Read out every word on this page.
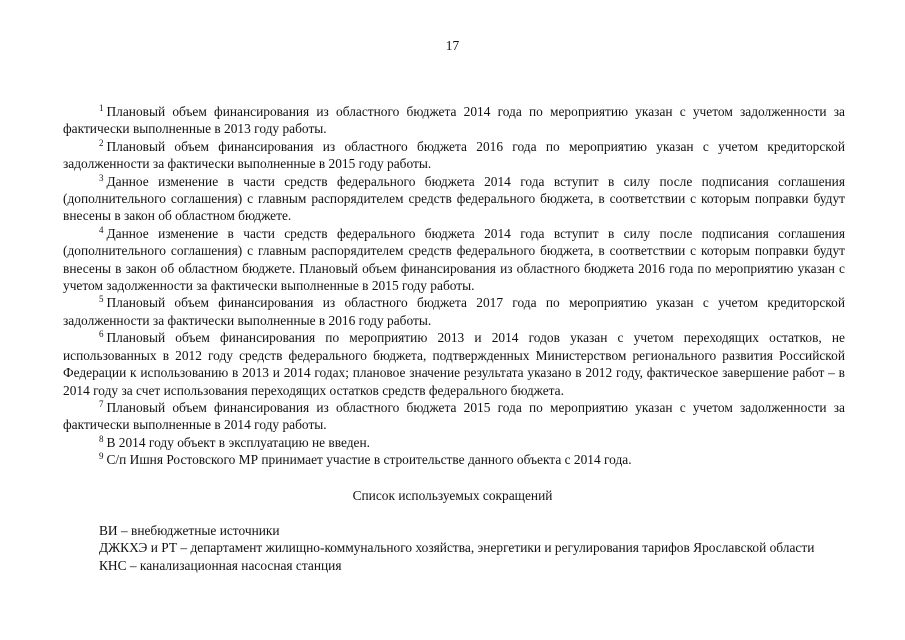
17

$^1$ Плановый объем финансирования из областного бюджета 2014 года по мероприятию указан с учетом задолженности за фактически выполненные в 2013 году работы.

$^2$ Плановый объем финансирования из областного бюджета 2016 года по мероприятию указан с учетом кредиторской задолженности за фактически выполненные в 2015 году работы.

$^3$ Данное изменение в части средств федерального бюджета 2014 года вступит в силу после подписания соглашения (дополнительного соглашения) с главным распорядителем средств федерального бюджета, в соответствии с которым поправки будут внесены в закон об областном бюджете.

$^4$ Данное изменение в части средств федерального бюджета 2014 года вступит в силу после подписания соглашения (дополнительного соглашения) с главным распорядителем средств федерального бюджета, в соответствии с которым поправки будут внесены в закон об областном бюджете. Плановый объем финансирования из областного бюджета 2016 года по мероприятию указан с учетом задолженности за фактически выполненные в 2015 году работы.

$^5$ Плановый объем финансирования из областного бюджета 2017 года по мероприятию указан с учетом кредиторской задолженности за фактически выполненные в 2016 году работы.

$^6$ Плановый объем финансирования по мероприятию 2013 и 2014 годов указан с учетом переходящих остатков, не использованных в 2012 году средств федерального бюджета, подтвержденных Министерством регионального развития Российской Федерации к использованию в 2013 и 2014 годах; плановое значение результата указано в 2012 году, фактическое завершение работ – в 2014 году за счет использования переходящих остатков средств федерального бюджета.

$^7$ Плановый объем финансирования из областного бюджета 2015 года по мероприятию указан с учетом задолженности за фактически выполненные в 2014 году работы.

$^8$ В 2014 году объект в эксплуатацию не введен.

$^9$ С/п Ишня Ростовского МР принимает участие в строительстве данного объекта с 2014 года.

Список используемых сокращений

ВИ – внебюджетные источники

ДЖКХЭ и РТ – департамент жилищно-коммунального хозяйства, энергетики и регулирования тарифов Ярославской области

КНС – канализационная насосная станция
